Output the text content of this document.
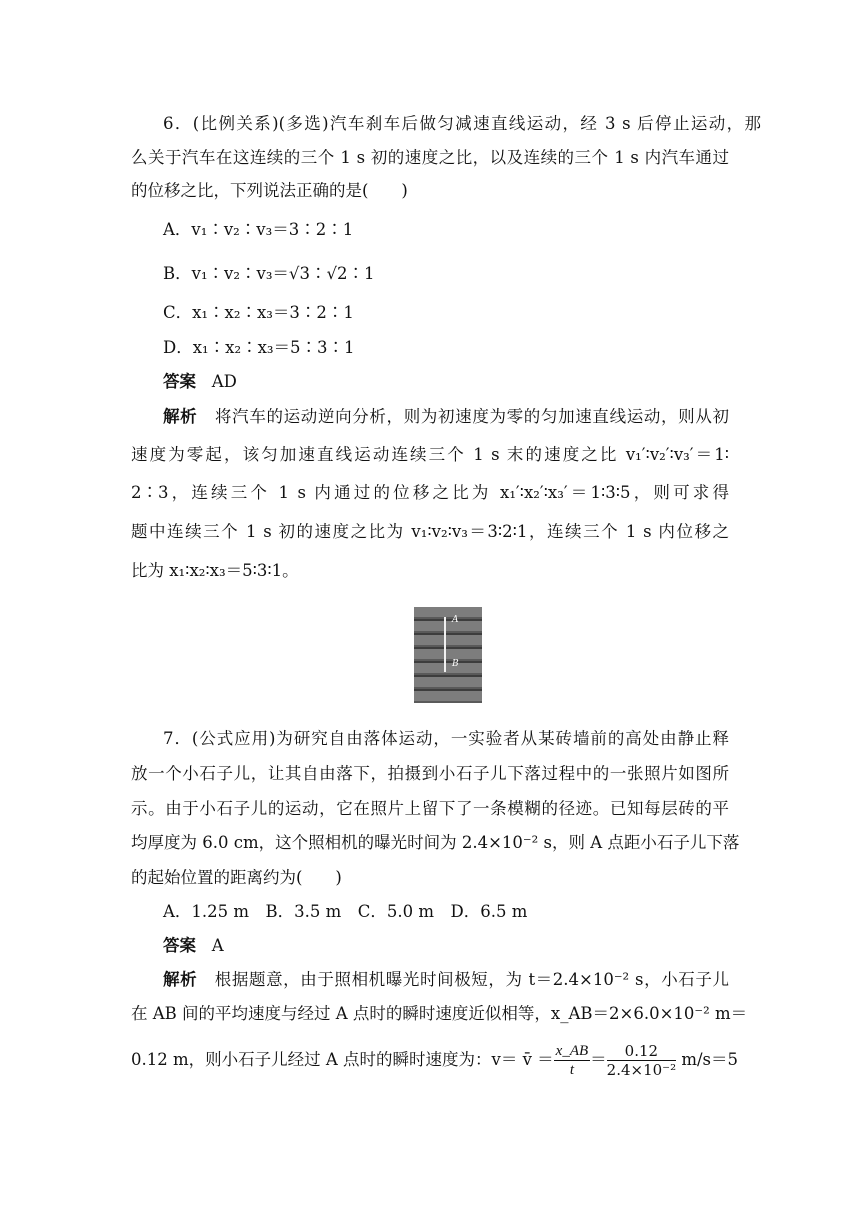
6．(比例关系)(多选)汽车刹车后做匀减速直线运动，经 3 s 后停止运动，那
么关于汽车在这连续的三个 1 s 初的速度之比，以及连续的三个 1 s 内汽车通过
的位移之比，下列说法正确的是(　　)
A．v₁∶v₂∶v₃＝3∶2∶1
B．v₁∶v₂∶v₃＝√3∶√2∶1
C．x₁∶x₂∶x₃＝3∶2∶1
D．x₁∶x₂∶x₃＝5∶3∶1
答案 AD
解析 将汽车的运动逆向分析，则为初速度为零的匀加速直线运动，则从初
速度为零起，该匀加速直线运动连续三个 1 s 末的速度之比 v₁′∶v₂′∶v₃′＝1∶
2∶3，连续三个 1 s 内通过的位移之比为 x₁′∶x₂′∶x₃′＝1∶3∶5，则可求得
题中连续三个 1 s 初的速度之比为 v₁∶v₂∶v₃＝3∶2∶1，连续三个 1 s 内位移之
比为 x₁∶x₂∶x₃＝5∶3∶1。
A
B
7．(公式应用)为研究自由落体运动，一实验者从某砖墙前的高处由静止释
放一个小石子儿，让其自由落下，拍摄到小石子儿下落过程中的一张照片如图所
示。由于小石子儿的运动，它在照片上留下了一条模糊的径迹。已知每层砖的平
均厚度为 6.0 cm，这个照相机的曝光时间为 2.4×10⁻² s，则 A 点距小石子儿下落
的起始位置的距离约为(　　)
A．1.25 m　B．3.5 m　C．5.0 m　D．6.5 m
答案 A
解析 根据题意，由于照相机曝光时间极短，为 t＝2.4×10⁻² s，小石子儿
在 AB 间的平均速度与经过 A 点时的瞬时速度近似相等，x_AB＝2×6.0×10⁻² m＝
0.12 m，则小石子儿经过 A 点时的瞬时速度为：v＝ v̄ ＝ $\frac{x\_AB}{t} = \frac{0.12}{\text{2.4×10⁻²}} m/s=5$
